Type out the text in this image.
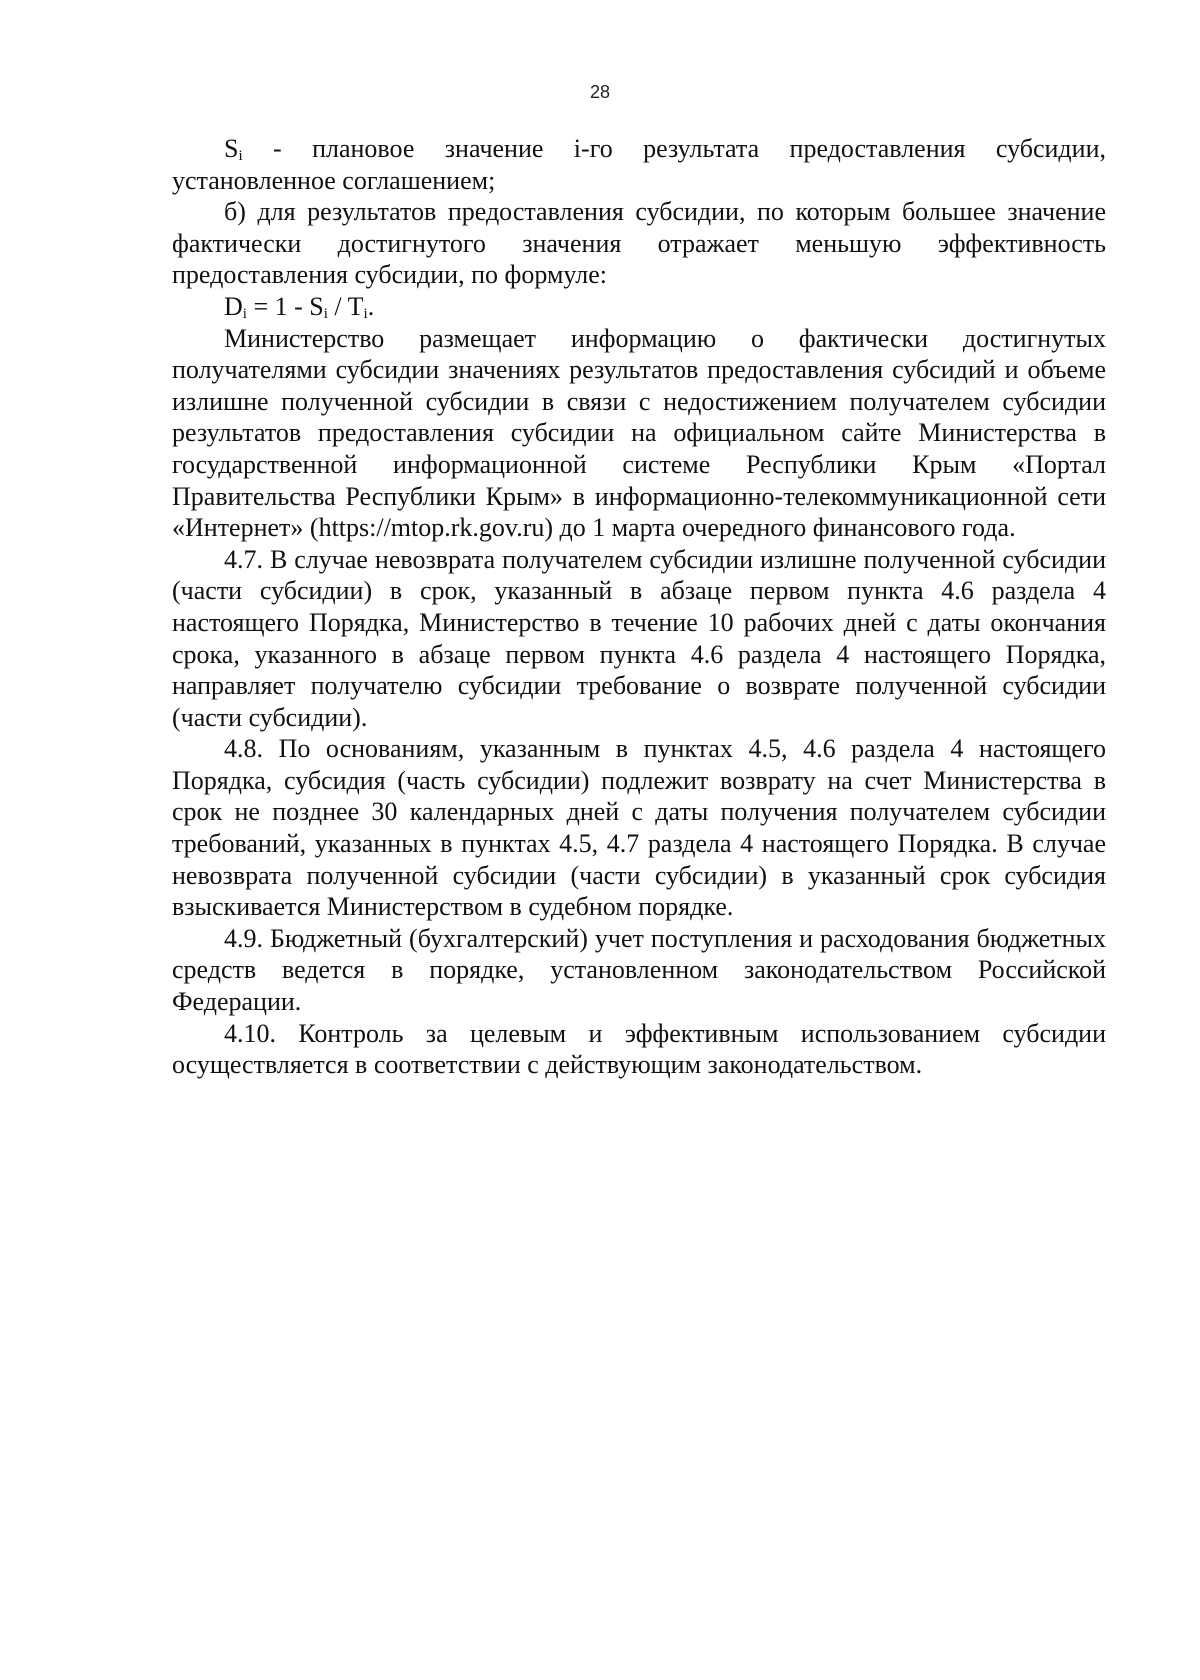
28

$S_i$ - плановое значение i-го результата предоставления субсидии, установленное соглашением;

б) для результатов предоставления субсидии, по которым большее значение фактически достигнутого значения отражает меньшую эффективность предоставления субсидии, по формуле:

$D_i = 1 - S_i / T_i$.

Министерство размещает информацию о фактически достигнутых получателями субсидии значениях результатов предоставления субсидий и объеме излишне полученной субсидии в связи с недостижением получателем субсидии результатов предоставления субсидии на официальном сайте Министерства в государственной информационной системе Республики Крым «Портал Правительства Республики Крым» в информационно-телекоммуникационной сети «Интернет» (https://mtop.rk.gov.ru) до 1 марта очередного финансового года.

4.7. В случае невозврата получателем субсидии излишне полученной субсидии (части субсидии) в срок, указанный в абзаце первом пункта 4.6 раздела 4 настоящего Порядка, Министерство в течение 10 рабочих дней с даты окончания срока, указанного в абзаце первом пункта 4.6 раздела 4 настоящего Порядка, направляет получателю субсидии требование о возврате полученной субсидии (части субсидии).

4.8. По основаниям, указанным в пунктах 4.5, 4.6 раздела 4 настоящего Порядка, субсидия (часть субсидии) подлежит возврату на счет Министерства в срок не позднее 30 календарных дней с даты получения получателем субсидии требований, указанных в пунктах 4.5, 4.7 раздела 4 настоящего Порядка. В случае невозврата полученной субсидии (части субсидии) в указанный срок субсидия взыскивается Министерством в судебном порядке.

4.9. Бюджетный (бухгалтерский) учет поступления и расходования бюджетных средств ведется в порядке, установленном законодательством Российской Федерации.

4.10. Контроль за целевым и эффективным использованием субсидии осуществляется в соответствии с действующим законодательством.
